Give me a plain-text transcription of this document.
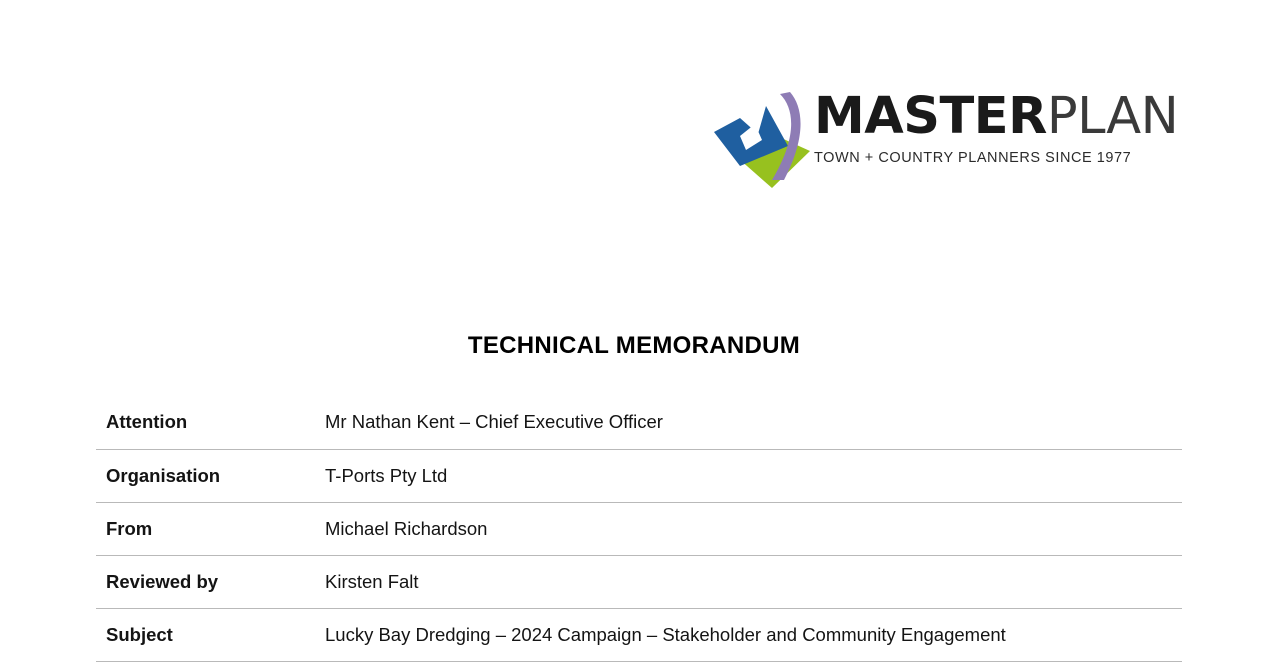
MASTERPLAN
TOWN + COUNTRY PLANNERS SINCE 1977
TECHNICAL MEMORANDUM
Attention	Mr Nathan Kent – Chief Executive Officer
Organisation	T-Ports Pty Ltd
From	Michael Richardson
Reviewed by	Kirsten Falt
Subject	Lucky Bay Dredging – 2024 Campaign – Stakeholder and Community Engagement
